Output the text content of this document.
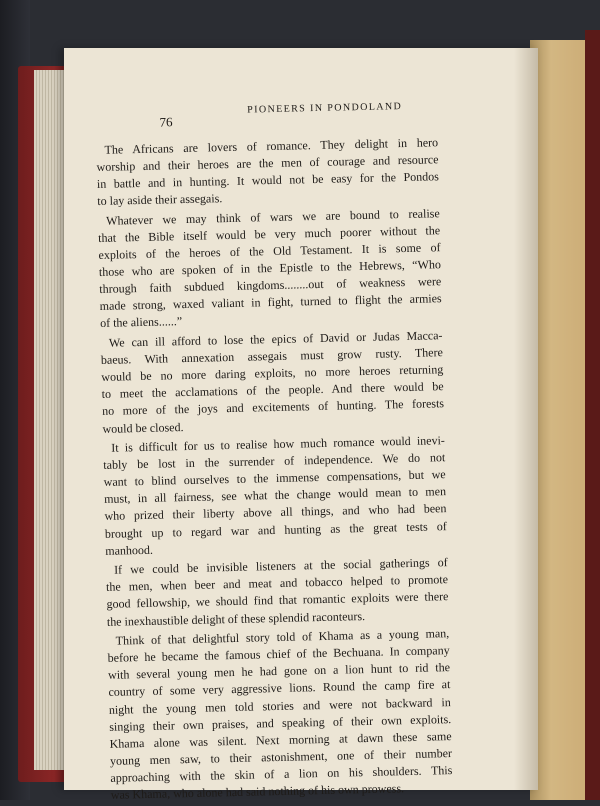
76
PIONEERS IN PONDOLAND
The Africans are lovers of romance. They delight in hero
worship and their heroes are the men of courage and resource
in battle and in hunting. It would not be easy for the Pondos
to lay aside their assegais.
Whatever we may think of wars we are bound to realise
that the Bible itself would be very much poorer without the
exploits of the heroes of the Old Testament. It is some of
those who are spoken of in the Epistle to the Hebrews, “Who
through faith subdued kingdoms........out of weakness were
made strong, waxed valiant in fight, turned to flight the armies
of the aliens......”
We can ill afford to lose the epics of David or Judas Macca-
baeus. With annexation assegais must grow rusty. There
would be no more daring exploits, no more heroes returning
to meet the acclamations of the people. And there would be
no more of the joys and excitements of hunting. The forests
would be closed.
It is difficult for us to realise how much romance would inevi-
tably be lost in the surrender of independence. We do not
want to blind ourselves to the immense compensations, but we
must, in all fairness, see what the change would mean to men
who prized their liberty above all things, and who had been
brought up to regard war and hunting as the great tests of
manhood.
If we could be invisible listeners at the social gatherings of
the men, when beer and meat and tobacco helped to promote
good fellowship, we should find that romantic exploits were there
the inexhaustible delight of these splendid raconteurs.
Think of that delightful story told of Khama as a young man,
before he became the famous chief of the Bechuana. In company
with several young men he had gone on a lion hunt to rid the
country of some very aggressive lions. Round the camp fire at
night the young men told stories and were not backward in
singing their own praises, and speaking of their own exploits.
Khama alone was silent. Next morning at dawn these same
young men saw, to their astonishment, one of their number
approaching with the skin of a lion on his shoulders. This
was Khama, who alone had said nothing of his own prowess.
